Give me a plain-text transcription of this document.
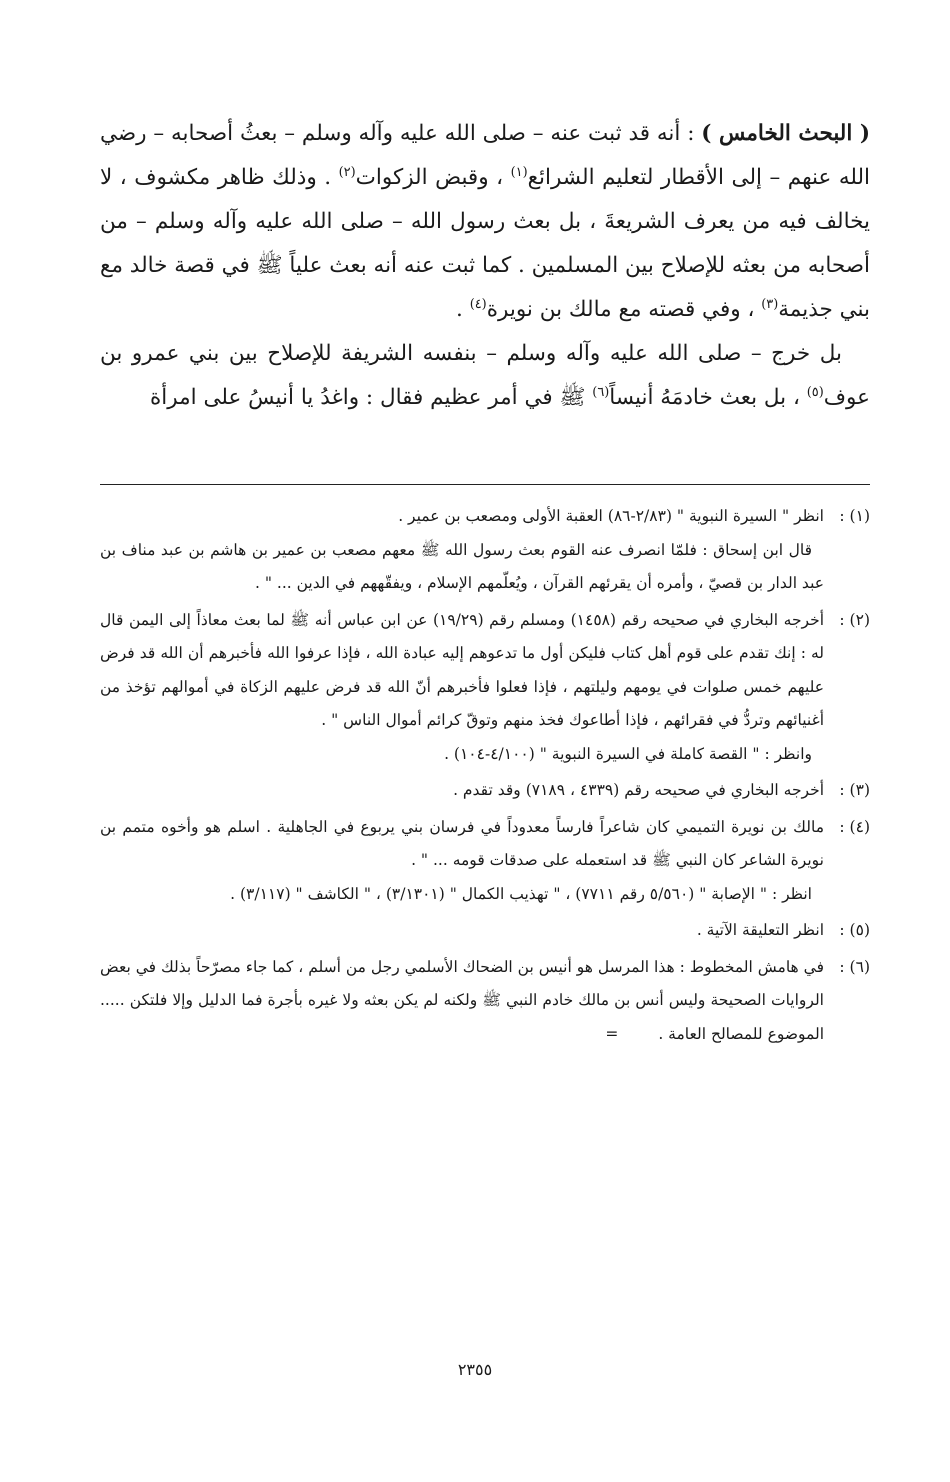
( البحث الخامس ) : أنه قد ثبت عنه – صلى الله عليه وآله وسلم – بعثُ أصحابه – رضي الله عنهم – إلى الأقطار لتعليم الشرائع$^{(١)}$ ، وقبض الزكوات$^{(٢)}$ . وذلك ظاهر مكشوف ، لا يخالف فيه من يعرف الشريعةَ ، بل بعث رسول الله – صلى الله عليه وآله وسلم – من أصحابه من بعثه للإصلاح بين المسلمين . كما ثبت عنه أنه بعث علياً ﷺ في قصة خالد مع بني جذيمة$^{(٣)}$ ، وفي قصته مع مالك بن نويرة$^{(٤)}$ .

بل خرج – صلى الله عليه وآله وسلم – بنفسه الشريفة للإصلاح بين بني عمرو بن عوف$^{(٥)}$ ، بل بعث خادمَهُ أنيساً$^{(٦)}$ ﷺ في أمر عظيم فقال : واغدُ يا أنيسُ على امرأة

(١) :

انظر " السيرة النبوية " (٢/٨٣-٨٦) العقبة الأولى ومصعب بن عمير .

قال ابن إسحاق : فلمّا انصرف عنه القوم بعث رسول الله ﷺ معهم مصعب بن عمير بن هاشم بن عبد مناف بن عبد الدار بن قصيّ ، وأمره أن يقرئهم القرآن ، ويُعلّمهم الإسلام ، ويفقّههم في الدين ... " .

(٢) :

أخرجه البخاري في صحيحه رقم (١٤٥٨) ومسلم رقم (١٩/٢٩) عن ابن عباس أنه ﷺ لما بعث معاذاً إلى اليمن قال له : إنك تقدم على قوم أهل كتاب فليكن أول ما تدعوهم إليه عبادة الله ، فإذا عرفوا الله فأخبرهم أن الله قد فرض عليهم خمس صلوات في يومهم وليلتهم ، فإذا فعلوا فأخبرهم أنّ الله قد فرض عليهم الزكاة في أموالهم تؤخذ من أغنيائهم وتردُّ في فقرائهم ، فإذا أطاعوك فخذ منهم وتوقّ كرائم أموال الناس " .

وانظر : " القصة كاملة في السيرة النبوية " (٤/١٠٠-١٠٤) .

(٣) :

أخرجه البخاري في صحيحه رقم (٤٣٣٩ ، ٧١٨٩) وقد تقدم .

(٤) :

مالك بن نويرة التميمي كان شاعراً فارساً معدوداً في فرسان بني يربوع في الجاهلية . اسلم هو وأخوه متمم بن نويرة الشاعر كان النبي ﷺ قد استعمله على صدقات قومه ... " .

انظر : " الإصابة " (٥/٥٦٠ رقم ٧٧١١) ، " تهذيب الكمال " (٣/١٣٠١) ، " الكاشف " (٣/١١٧) .

(٥) :

انظر التعليقة الآتية .

(٦) :

في هامش المخطوط : هذا المرسل هو أنيس بن الضحاك الأسلمي رجل من أسلم ، كما جاء مصرّحاً بذلك في بعض الروايات الصحيحة وليس أنس بن مالك خادم النبي ﷺ ولكنه لم يكن بعثه ولا غيره بأجرة فما الدليل وإلا فلتكن ..... الموضوع للمصالح العامة .=

٢٣٥٥
